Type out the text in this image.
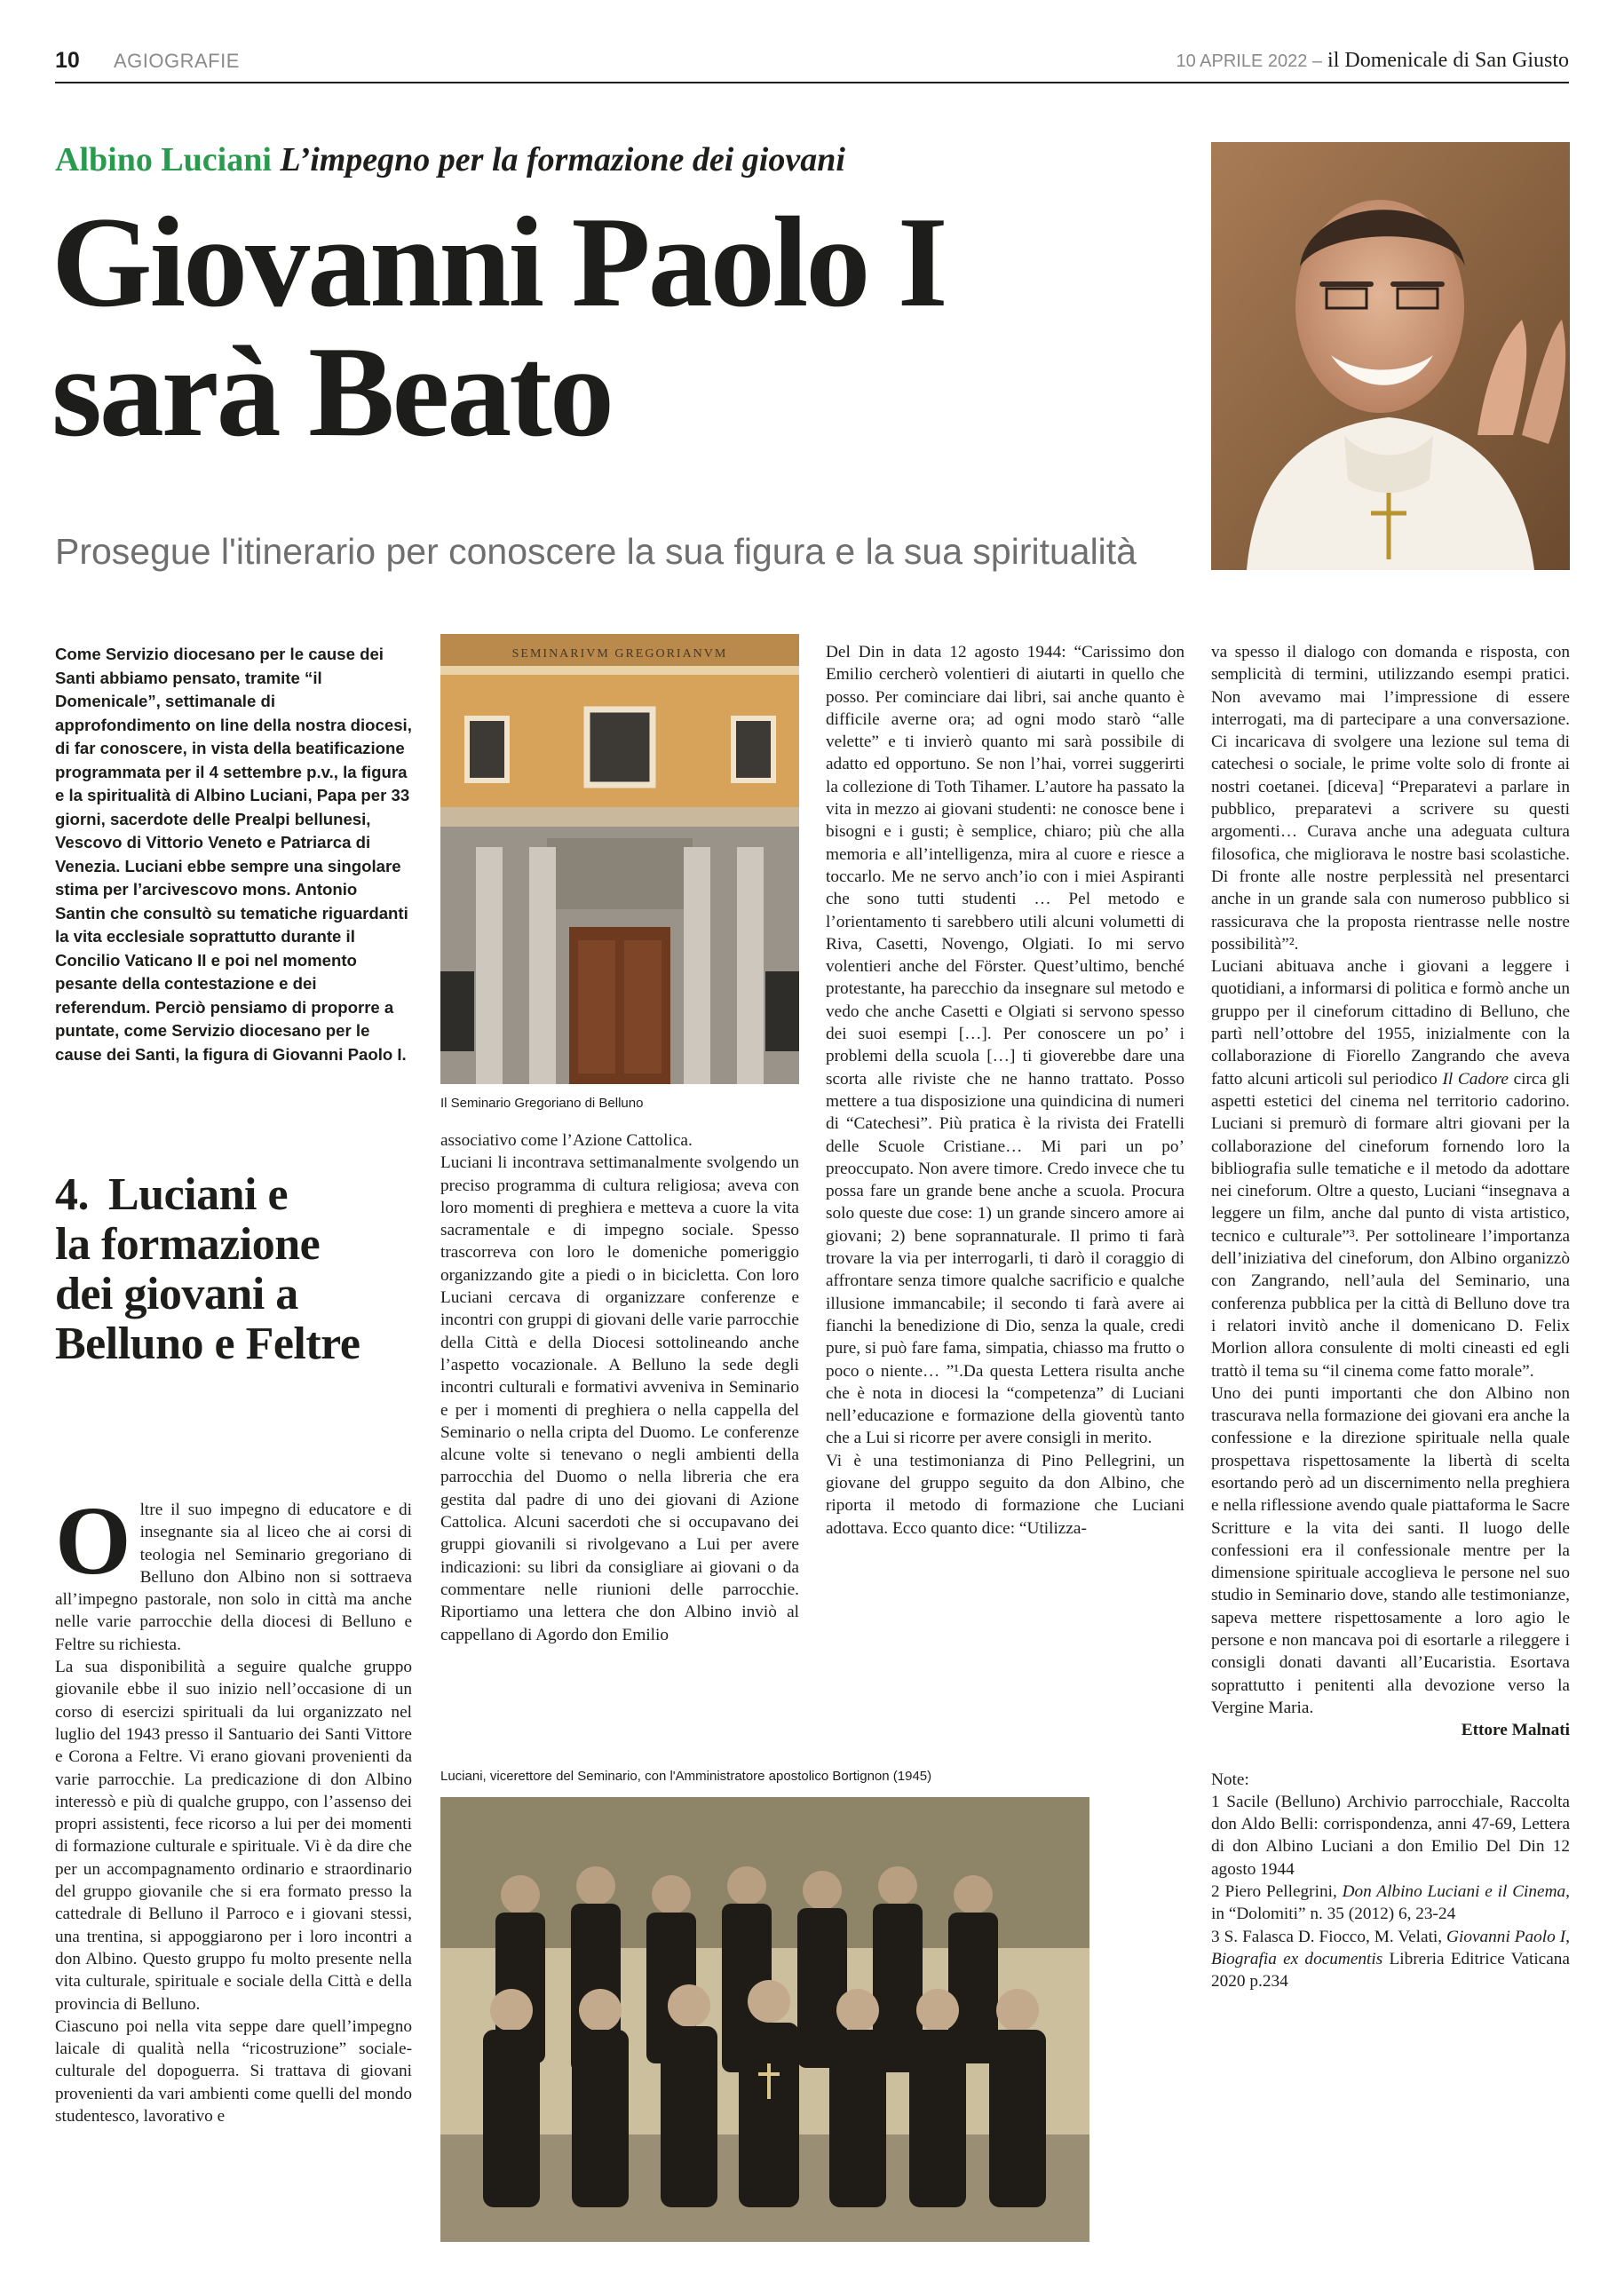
10 AGIOGRAFIE	10 APRILE 2022 – il Domenicale di San Giusto
Albino Luciani L’impegno per la formazione dei giovani
Giovanni Paolo I
sarà Beato
Prosegue l'itinerario per conoscere la sua figura e la sua spiritualità
Come Servizio diocesano per le cause dei Santi abbiamo pensato, tramite “il Domenicale”, settimanale di approfondimento on line della nostra diocesi, di far conoscere, in vista della beatificazione programmata per il 4 settembre p.v., la figura e la spiritualità di Albino Luciani, Papa per 33 giorni, sacerdote delle Prealpi bellunesi, Vescovo di Vittorio Veneto e Patriarca di Venezia. Luciani ebbe sempre una singolare stima per l’arcivescovo mons. Antonio Santin che consultò su tematiche riguardanti la vita ecclesiale soprattutto durante il Concilio Vaticano II e poi nel momento pesante della contestazione e dei referendum. Perciò pensiamo di proporre a puntate, come Servizio diocesano per le cause dei Santi, la figura di Giovanni Paolo I.
4. Luciani e
la formazione
dei giovani a
Belluno e Feltre

Oltre il suo impegno di educatore e di insegnante sia al liceo che ai corsi di teologia nel Seminario gregoriano di Belluno don Albino non si sottraeva all’impegno pastorale, non solo in città ma anche nelle varie parrocchie della diocesi di Belluno e Feltre su richiesta.

La sua disponibilità a seguire qualche gruppo giovanile ebbe il suo inizio nell’occasione di un corso di esercizi spirituali da lui organizzato nel luglio del 1943 presso il Santuario dei Santi Vittore e Corona a Feltre. Vi erano giovani provenienti da varie parrocchie. La predicazione di don Albino interessò e più di qualche gruppo, con l’assenso dei propri assistenti, fece ricorso a lui per dei momenti di formazione culturale e spirituale. Vi è da dire che per un accompagnamento ordinario e straordinario del gruppo giovanile che si era formato presso la cattedrale di Belluno il Parroco e i giovani stessi, una trentina, si appoggiarono per i loro incontri a don Albino. Questo gruppo fu molto presente nella vita culturale, spirituale e sociale della Città e della provincia di Belluno.

Ciascuno poi nella vita seppe dare quell’impegno laicale di qualità nella “ricostruzione” sociale-culturale del dopoguerra. Si trattava di giovani provenienti da vari ambienti come quelli del mondo studentesco, lavorativo e

SEMINARIVM GREGORIANVM
Il Seminario Gregoriano di Belluno

associativo come l’Azione Cattolica.

Luciani li incontrava settimanalmente svolgendo un preciso programma di cultura religiosa; aveva con loro momenti di preghiera e metteva a cuore la vita sacramentale e di impegno sociale. Spesso trascorreva con loro le domeniche pomeriggio organizzando gite a piedi o in bicicletta. Con loro Luciani cercava di organizzare conferenze e incontri con gruppi di giovani delle varie parrocchie della Città e della Diocesi sottolineando anche l’aspetto vocazionale. A Belluno la sede degli incontri culturali e formativi avveniva in Seminario e per i momenti di preghiera o nella cappella del Seminario o nella cripta del Duomo. Le conferenze alcune volte si tenevano o negli ambienti della parrocchia del Duomo o nella libreria che era gestita dal padre di uno dei giovani di Azione Cattolica. Alcuni sacerdoti che si occupavano dei gruppi giovanili si rivolgevano a Lui per avere indicazioni: su libri da consigliare ai giovani o da commentare nelle riunioni delle parrocchie. Riportiamo una lettera che don Albino inviò al cappellano di Agordo don Emilio

Del Din in data 12 agosto 1944: “Carissimo don Emilio cercherò volentieri di aiutarti in quello che posso. Per cominciare dai libri, sai anche quanto è difficile averne ora; ad ogni modo starò “alle velette” e ti invierò quanto mi sarà possibile di adatto ed opportuno. Se non l’hai, vorrei suggerirti la collezione di Toth Tihamer. L’autore ha passato la vita in mezzo ai giovani studenti: ne conosce bene i bisogni e i gusti; è semplice, chiaro; più che alla memoria e all’intelligenza, mira al cuore e riesce a toccarlo. Me ne servo anch’io con i miei Aspiranti che sono tutti studenti … Pel metodo e l’orientamento ti sarebbero utili alcuni volumetti di Riva, Casetti, Novengo, Olgiati. Io mi servo volentieri anche del Förster. Quest’ultimo, benché protestante, ha parecchio da insegnare sul metodo e vedo che anche Casetti e Olgiati si servono spesso dei suoi esempi […]. Per conoscere un po’ i problemi della scuola […] ti gioverebbe dare una scorta alle riviste che ne hanno trattato. Posso mettere a tua disposizione una quindicina di numeri di “Catechesi”. Più pratica è la rivista dei Fratelli delle Scuole Cristiane… Mi pari un po’ preoccupato. Non avere timore. Credo invece che tu possa fare un grande bene anche a scuola. Procura solo queste due cose: 1) un grande sincero amore ai giovani; 2) bene soprannaturale. Il primo ti farà trovare la via per interrogarli, ti darò il coraggio di affrontare senza timore qualche sacrificio e qualche illusione immancabile; il secondo ti farà avere ai fianchi la benedizione di Dio, senza la quale, credi pure, si può fare fama, simpatia, chiasso ma frutto o poco o niente… ”¹.Da questa Lettera risulta anche che è nota in diocesi la “competenza” di Luciani nell’educazione e formazione della gioventù tanto che a Lui si ricorre per avere consigli in merito.

Vi è una testimonianza di Pino Pellegrini, un giovane del gruppo seguito da don Albino, che riporta il metodo di formazione che Luciani adottava. Ecco quanto dice: “Utilizza-

Luciani, vicerettore del Seminario, con l'Amministratore apostolico Bortignon (1945)

va spesso il dialogo con domanda e risposta, con semplicità di termini, utilizzando esempi pratici. Non avevamo mai l’impressione di essere interrogati, ma di partecipare a una conversazione. Ci incaricava di svolgere una lezione sul tema di catechesi o sociale, le prime volte solo di fronte ai nostri coetanei. [diceva] “Preparatevi a parlare in pubblico, preparatevi a scrivere su questi argomenti… Curava anche una adeguata cultura filosofica, che migliorava le nostre basi scolastiche. Di fronte alle nostre perplessità nel presentarci anche in un grande sala con numeroso pubblico si rassicurava che la proposta rientrasse nelle nostre possibilità”².

Luciani abituava anche i giovani a leggere i quotidiani, a informarsi di politica e formò anche un gruppo per il cineforum cittadino di Belluno, che partì nell’ottobre del 1955, inizialmente con la collaborazione di Fiorello Zangrando che aveva fatto alcuni articoli sul periodico Il Cadore circa gli aspetti estetici del cinema nel territorio cadorino. Luciani si premurò di formare altri giovani per la collaborazione del cineforum fornendo loro la bibliografia sulle tematiche e il metodo da adottare nei cineforum. Oltre a questo, Luciani “insegnava a leggere un film, anche dal punto di vista artistico, tecnico e culturale”³. Per sottolineare l’importanza dell’iniziativa del cineforum, don Albino organizzò con Zangrando, nell’aula del Seminario, una conferenza pubblica per la città di Belluno dove tra i relatori invitò anche il domenicano D. Felix Morlion allora consulente di molti cineasti ed egli trattò il tema su “il cinema come fatto morale”.

Uno dei punti importanti che don Albino non trascurava nella formazione dei giovani era anche la confessione e la direzione spirituale nella quale prospettava rispettosamente la libertà di scelta esortando però ad un discernimento nella preghiera e nella riflessione avendo quale piattaforma le Sacre Scritture e la vita dei santi. Il luogo delle confessioni era il confessionale mentre per la dimensione spirituale accoglieva le persone nel suo studio in Seminario dove, stando alle testimonianze, sapeva mettere rispettosamente a loro agio le persone e non mancava poi di esortarle a rileggere i consigli donati davanti all’Eucaristia. Esortava soprattutto i penitenti alla devozione verso la Vergine Maria.

Ettore Malnati

Note:

1 Sacile (Belluno) Archivio parrocchiale, Raccolta don Aldo Belli: corrispondenza, anni 47-69, Lettera di don Albino Luciani a don Emilio Del Din 12 agosto 1944

2 Piero Pellegrini, Don Albino Luciani e il Cinema, in “Dolomiti” n. 35 (2012) 6, 23-24

3 S. Falasca D. Fiocco, M. Velati, Giovanni Paolo I, Biografia ex documentis Libreria Editrice Vaticana 2020 p.234
